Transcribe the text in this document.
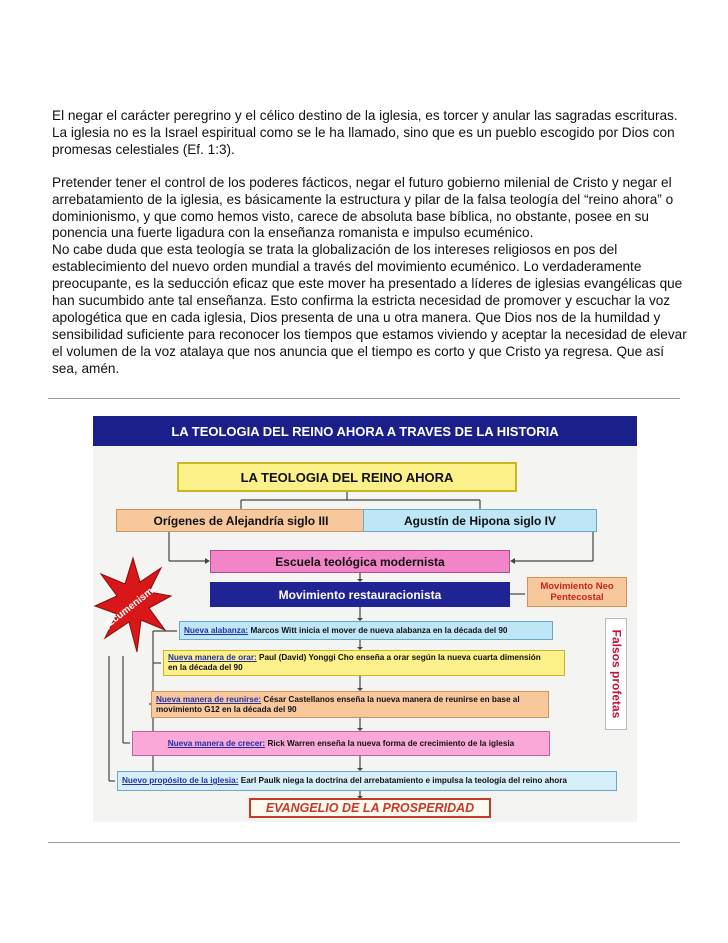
El negar el carácter peregrino y el célico destino de la iglesia, es torcer y anular las sagradas escrituras. La iglesia no es la Israel espiritual como se le ha llamado, sino que es un pueblo escogido por Dios con promesas celestiales (Ef. 1:3).

Pretender tener el control de los poderes fácticos, negar el futuro gobierno milenial de Cristo y negar el arrebatamiento de la iglesia, es básicamente la estructura y pilar de la falsa teología del “reino ahora” o dominionismo, y que como hemos visto, carece de absoluta base bíblica, no obstante, posee en su ponencia una fuerte ligadura con la enseñanza romanista e impulso ecuménico.

No cabe duda que esta teología se trata la globalización de los intereses religiosos en pos del establecimiento del nuevo orden mundial a través del movimiento ecuménico. Lo verdaderamente preocupante, es la seducción eficaz que este mover ha presentado a líderes de iglesias evangélicas que han sucumbido ante tal enseñanza. Esto confirma la estricta necesidad de promover y escuchar la voz apologética que en cada iglesia, Dios presenta de una u otra manera. Que Dios nos de la humildad y sensibilidad suficiente para reconocer los tiempos que estamos viviendo y aceptar la necesidad de elevar el volumen de la voz atalaya que nos anuncia que el tiempo es corto y que Cristo ya regresa. Que así sea, amén.

LA TEOLOGIA DEL REINO AHORA A TRAVES DE LA HISTORIA
LA TEOLOGIA DEL REINO AHORA
Orígenes de Alejandría siglo III	Agustín de Hipona siglo IV
Escuela teológica modernista
Movimiento restauracionista
Movimiento Neo
Pentecostal
¡Ecumenismo!	Nueva alabanza: Marcos Witt inicia el mover de nueva alabanza en la década del 90
Nueva manera de orar: Paul (David) Yonggi Cho enseña a orar según la nueva cuarta dimensión
en la década del 90
Nueva manera de reunirse: César Castellanos enseña la nueva manera de reunirse en base al
movimiento G12 en la década del 90
Nueva manera de crecer: Rick Warren enseña la nueva forma de crecimiento de la iglesia
Nuevo propósito de la iglesia: Earl Paulk niega la doctrina del arrebatamiento e impulsa la teología del reino ahora
Falsos profetas
EVANGELIO DE LA PROSPERIDAD
